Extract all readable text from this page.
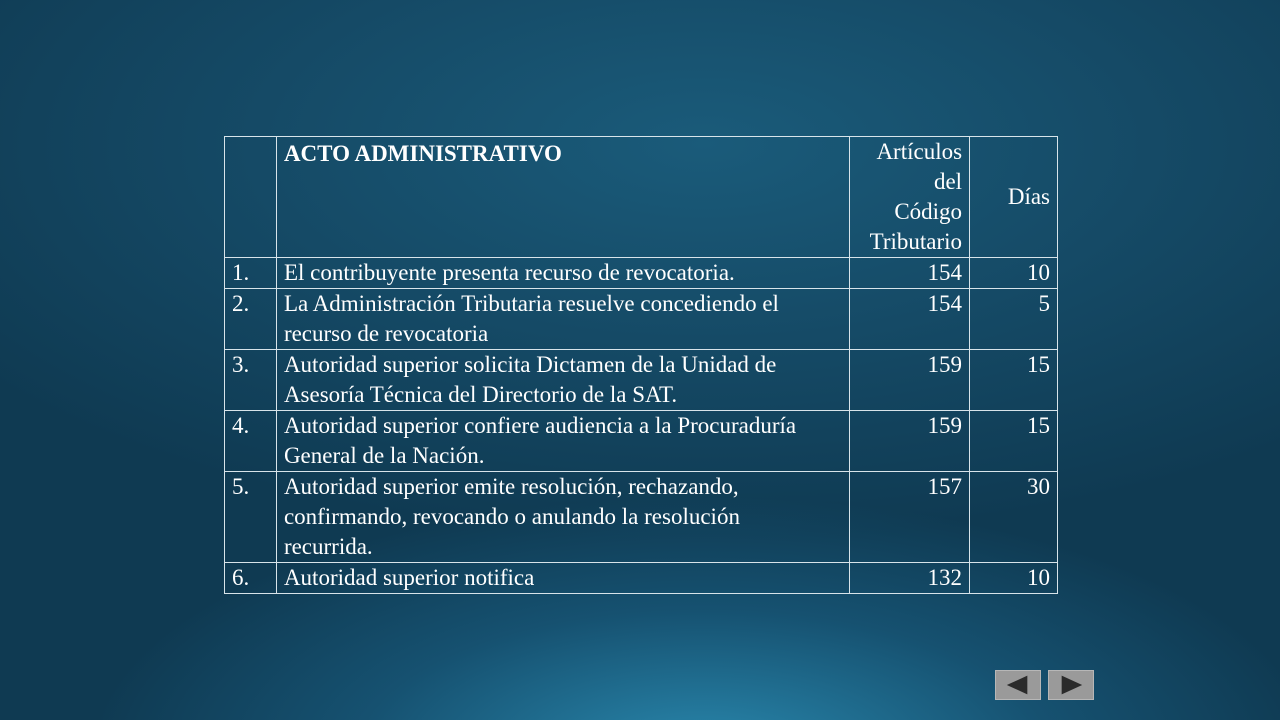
	ACTO ADMINISTRATIVO	Artículos
del
Código
Tributario	Días
1.	El contribuyente presenta recurso de revocatoria.	154	10
2.	La Administración Tributaria resuelve concediendo el
recurso de revocatoria	154	5
3.	Autoridad superior solicita Dictamen de la Unidad de
Asesoría Técnica del Directorio de la SAT.	159	15
4.	Autoridad superior confiere audiencia a la Procuraduría
General de la Nación.	159	15
5.	Autoridad superior emite resolución, rechazando,
confirmando, revocando o anulando la resolución
recurrida.	157	30
6.	Autoridad superior notifica	132	10
